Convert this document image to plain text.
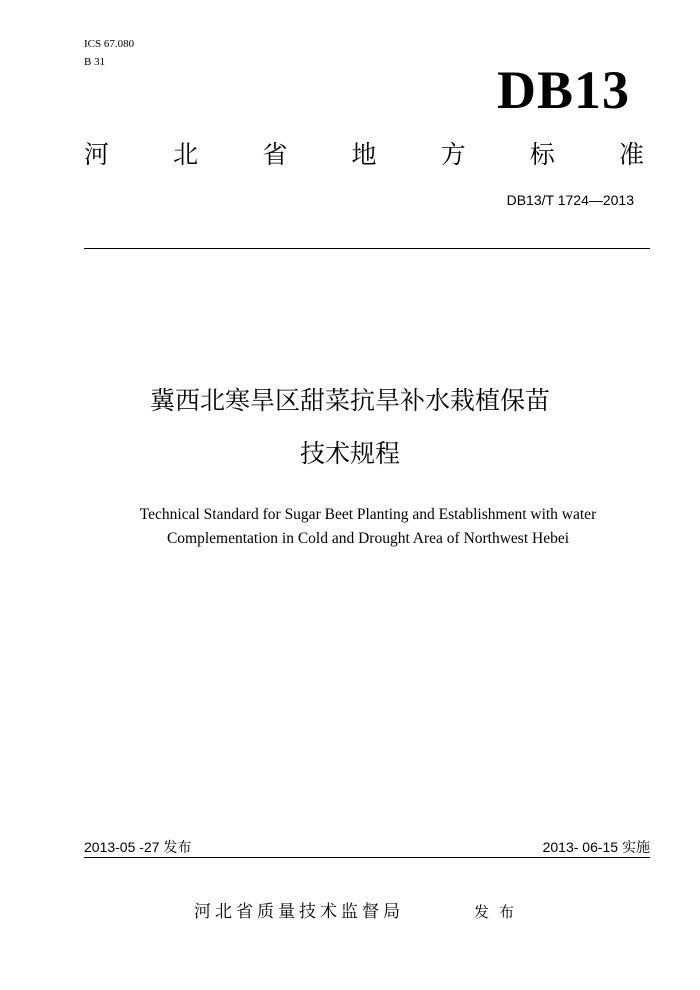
ICS 67.080
B 31	DB13
河	北	省	地	方	标	准
DB13/T 1724—2013
冀西北寒旱区甜菜抗旱补水栽植保苗
技术规程
Technical Standard for Sugar Beet Planting and Establishment with water
Complementation in Cold and Drought Area of Northwest Hebei
2013-05 -27 发布	2013- 06-15 实施
河北省质量技术监督局	发布
